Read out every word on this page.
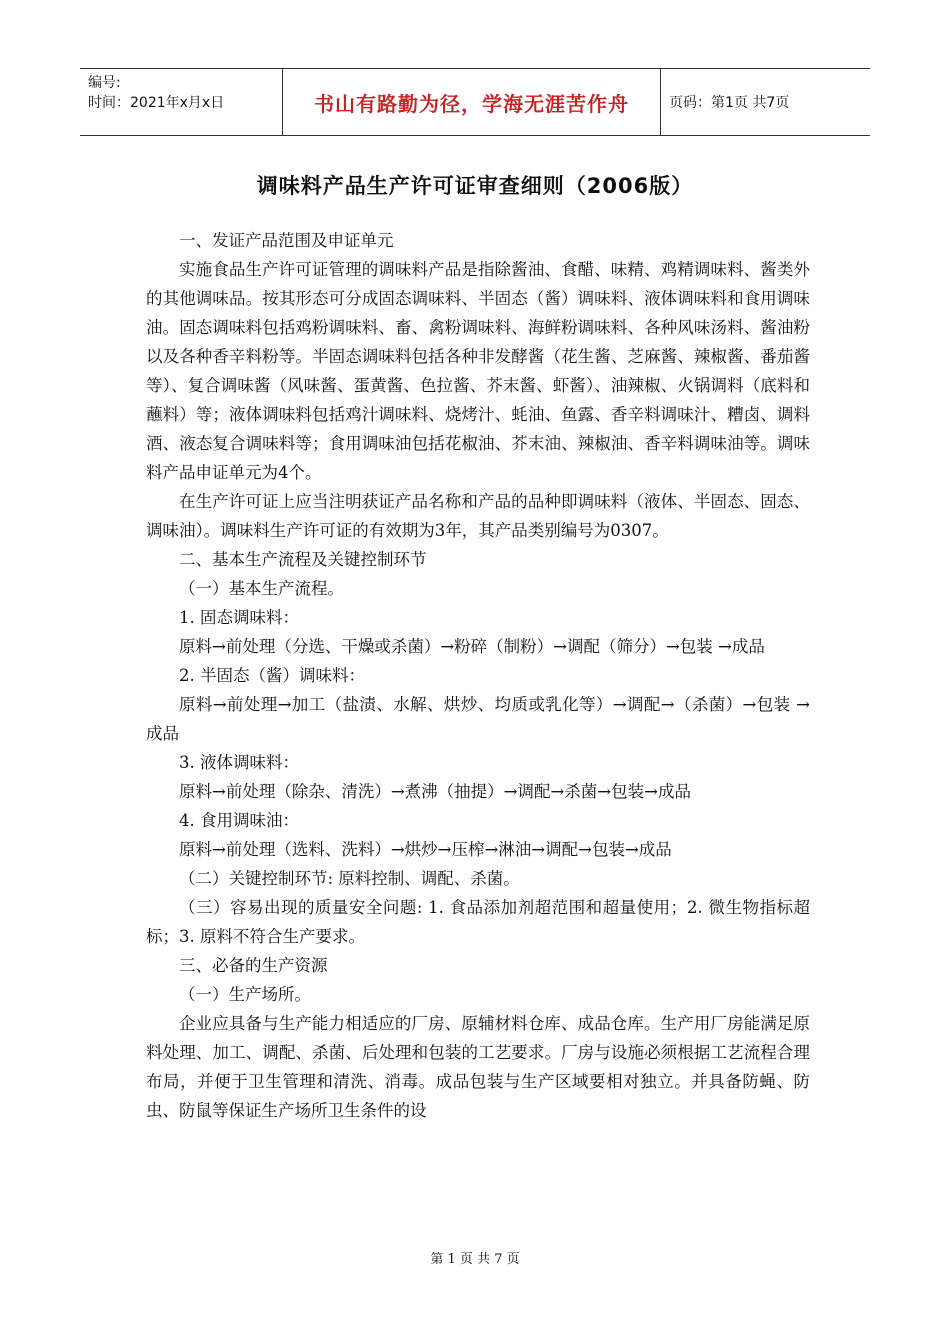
编号:
时间：2021年x月x日	书山有路勤为径，学海无涯苦作舟	页码：第1页 共7页
调味料产品生产许可证审查细则（2006版）

一、发证产品范围及申证单元

实施食品生产许可证管理的调味料产品是指除酱油、食醋、味精、鸡精调味料、酱类外的其他调味品。按其形态可分成固态调味料、半固态（酱）调味料、液体调味料和食用调味油。固态调味料包括鸡粉调味料、畜、禽粉调味料、海鲜粉调味料、各种风味汤料、酱油粉以及各种香辛料粉等。半固态调味料包括各种非发酵酱（花生酱、芝麻酱、辣椒酱、番茄酱等）、复合调味酱（风味酱、蛋黄酱、色拉酱、芥末酱、虾酱）、油辣椒、火锅调料（底料和蘸料）等；液体调味料包括鸡汁调味料、烧烤汁、蚝油、鱼露、香辛料调味汁、糟卤、调料酒、液态复合调味料等；食用调味油包括花椒油、芥末油、辣椒油、香辛料调味油等。调味料产品申证单元为4个。

在生产许可证上应当注明获证产品名称和产品的品种即调味料（液体、半固态、固态、调味油）。调味料生产许可证的有效期为3年，其产品类别编号为0307。

二、基本生产流程及关键控制环节

（一）基本生产流程。

1. 固态调味料：

原料→前处理（分选、干燥或杀菌）→粉碎（制粉）→调配（筛分）→包装 →成品

2. 半固态（酱）调味料：

原料→前处理→加工（盐渍、水解、烘炒、均质或乳化等）→调配→（杀菌）→包装 →成品

3. 液体调味料：

原料→前处理（除杂、清洗）→煮沸（抽提）→调配→杀菌→包装→成品

4. 食用调味油：

原料→前处理（选料、洗料）→烘炒→压榨→淋油→调配→包装→成品

（二）关键控制环节: 原料控制、调配、杀菌。

（三）容易出现的质量安全问题: 1. 食品添加剂超范围和超量使用；2. 微生物指标超标；3. 原料不符合生产要求。

三、必备的生产资源

（一）生产场所。

企业应具备与生产能力相适应的厂房、原辅材料仓库、成品仓库。生产用厂房能满足原料处理、加工、调配、杀菌、后处理和包装的工艺要求。厂房与设施必须根据工艺流程合理布局，并便于卫生管理和清洗、消毒。成品包装与生产区域要相对独立。并具备防蝇、防虫、防鼠等保证生产场所卫生条件的设

第 1 页 共 7 页
